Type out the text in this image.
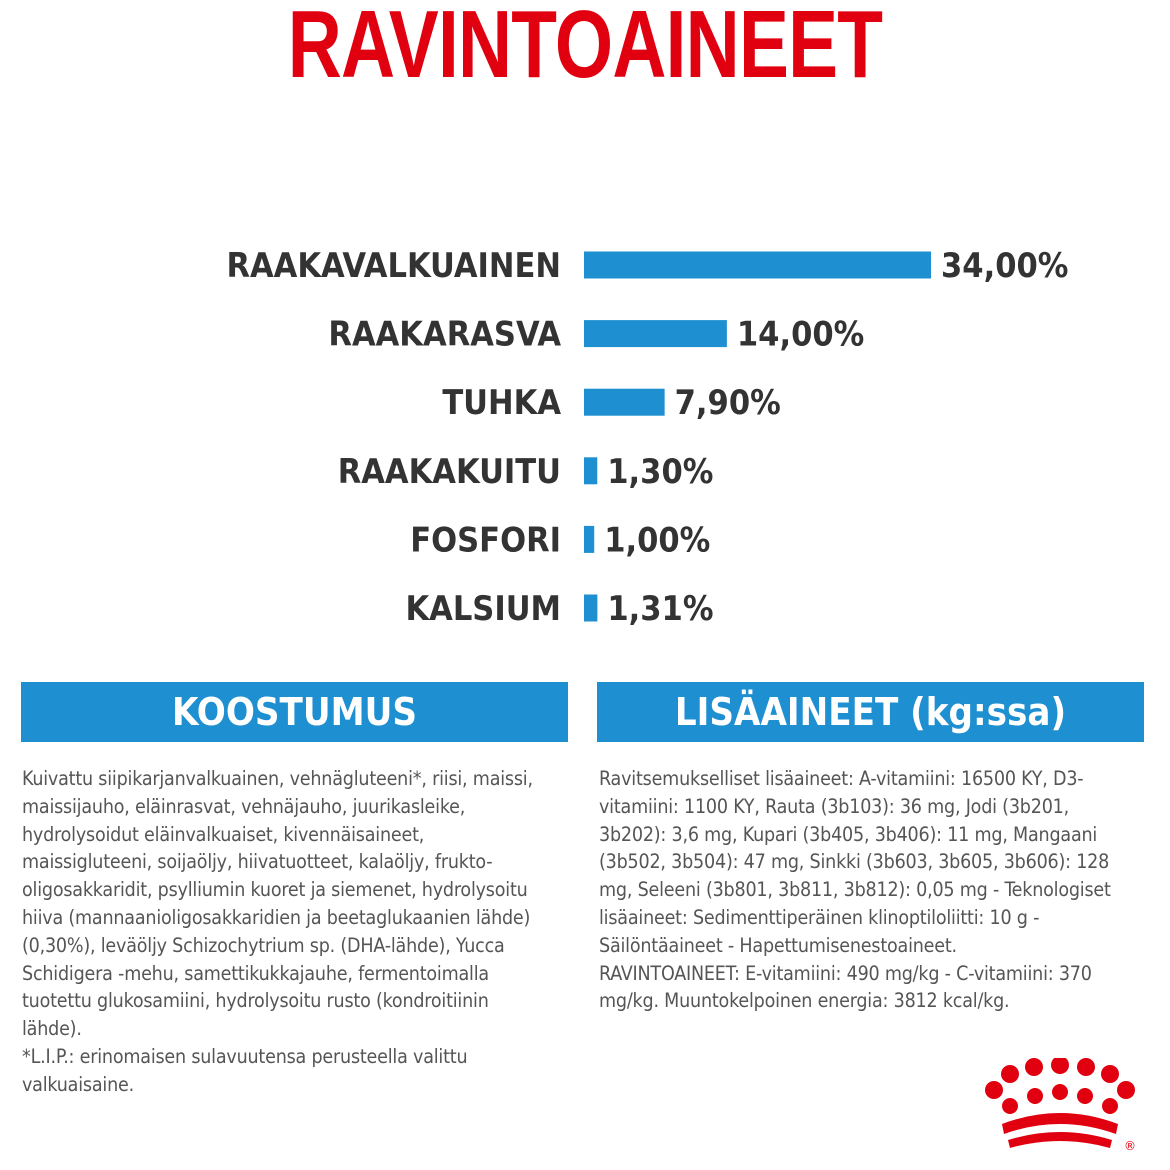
RAVINTOAINEET
RAAKAVALKUAINEN	34,00%
RAAKARASVA	14,00%
TUHKA	7,90%
RAAKAKUITU 1,30%
FOSFORI 1,00%
KALSIUM 1,31%
KOOSTUMUS

Kuivattu siipikarjanvalkuainen, vehnägluteeni*, riisi, maissi, maissijauho, eläinrasvat, vehnäjauho, juurikasleike, hydrolysoidut eläinvalkuaiset, kivennäisaineet, maissigluteeni, soijaöljy, hiivatuotteet, kalaöljy, frukto-oligosakkaridit, psylliumin kuoret ja siemenet, hydrolysoitu hiiva (mannaanioligosakkaridien ja beetaglukaanien lähde) (0,30%), leväöljy Schizochytrium sp. (DHA-lähde), Yucca Schidigera -mehu, samettikukkajauhe, fermentoimalla tuotettu glukosamiini, hydrolysoitu rusto (kondroitiinin lähde).

*L.I.P.: erinomaisen sulavuutensa perusteella valittu valkuaisaine.

LISÄAINEET (kg:ssa)

Ravitsemukselliset lisäaineet: A-vitamiini: 16500 KY, D3-vitamiini: 1100 KY, Rauta (3b103): 36 mg, Jodi (3b201, 3b202): 3,6 mg, Kupari (3b405, 3b406): 11 mg, Mangaani (3b502, 3b504): 47 mg, Sinkki (3b603, 3b605, 3b606): 128 mg, Seleeni (3b801, 3b811, 3b812): 0,05 mg - Teknologiset lisäaineet: Sedimenttiperäinen klinoptiloliitti: 10 g - Säilöntäaineet - Hapettumisenestoaineet.

RAVINTOAINEET: E-vitamiini: 490 mg/kg - C-vitamiini: 370 mg/kg. Muuntokelpoinen energia: 3812 kcal/kg.

®
